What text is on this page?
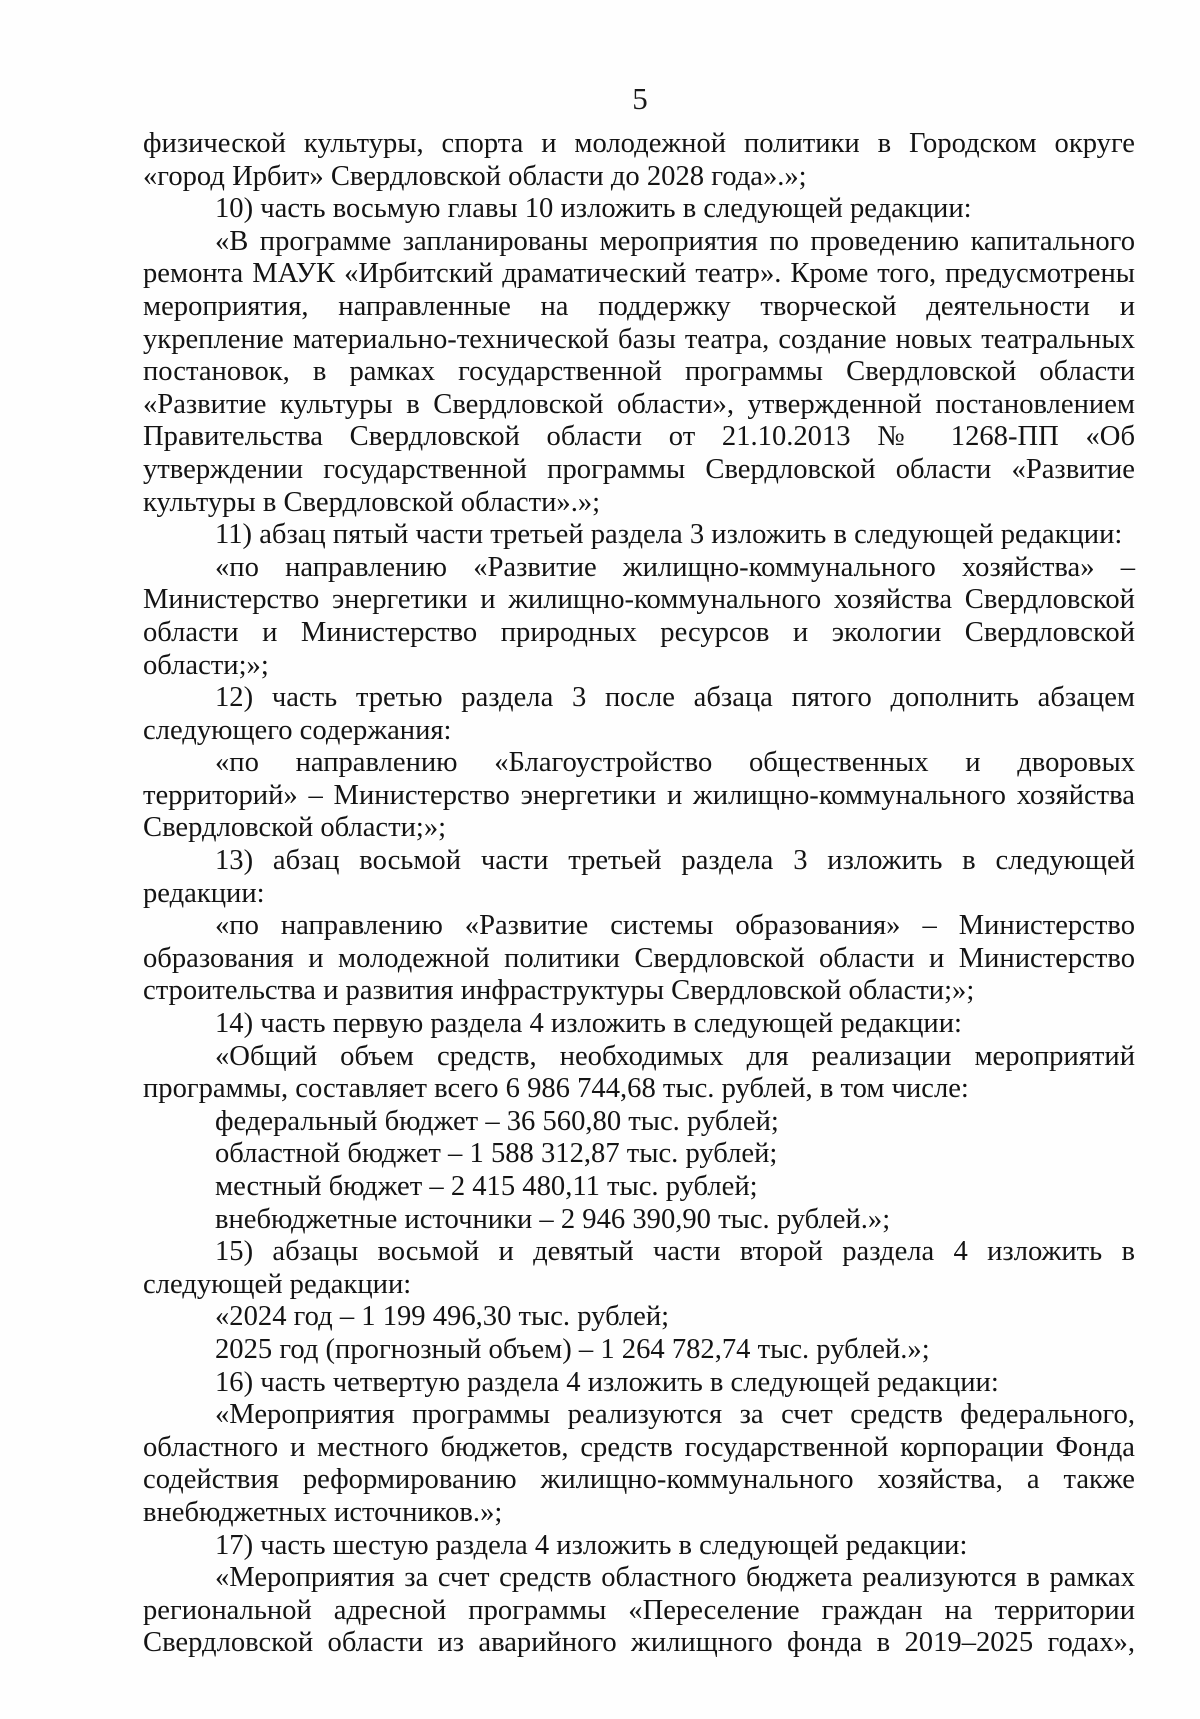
5

физической культуры, спорта и молодежной политики в Городском округе «город Ирбит» Свердловской области до 2028 года».»;

10) часть восьмую главы 10 изложить в следующей редакции:

«В программе запланированы мероприятия по проведению капитального ремонта МАУК «Ирбитский драматический театр». Кроме того, предусмотрены мероприятия, направленные на поддержку творческой деятельности и укрепление материально-технической базы театра, создание новых театральных постановок, в рамках государственной программы Свердловской области «Развитие культуры в Свердловской области», утвержденной постановлением Правительства Свердловской области от 21.10.2013 № 1268-ПП «Об утверждении государственной программы Свердловской области «Развитие культуры в Свердловской области».»;

11) абзац пятый части третьей раздела 3 изложить в следующей редакции:

«по направлению «Развитие жилищно-коммунального хозяйства» – Министерство энергетики и жилищно-коммунального хозяйства Свердловской области и Министерство природных ресурсов и экологии Свердловской области;»;

12) часть третью раздела 3 после абзаца пятого дополнить абзацем следующего содержания:

«по направлению «Благоустройство общественных и дворовых территорий» – Министерство энергетики и жилищно-коммунального хозяйства Свердловской области;»;

13) абзац восьмой части третьей раздела 3 изложить в следующей редакции:

«по направлению «Развитие системы образования» – Министерство образования и молодежной политики Свердловской области и Министерство строительства и развития инфраструктуры Свердловской области;»;

14) часть первую раздела 4 изложить в следующей редакции:

«Общий объем средств, необходимых для реализации мероприятий программы, составляет всего 6 986 744,68 тыс. рублей, в том числе:

федеральный бюджет – 36 560,80 тыс. рублей;

областной бюджет – 1 588 312,87 тыс. рублей;

местный бюджет – 2 415 480,11 тыс. рублей;

внебюджетные источники – 2 946 390,90 тыс. рублей.»;

15) абзацы восьмой и девятый части второй раздела 4 изложить в следующей редакции:

«2024 год – 1 199 496,30 тыс. рублей;

2025 год (прогнозный объем) – 1 264 782,74 тыс. рублей.»;

16) часть четвертую раздела 4 изложить в следующей редакции:

«Мероприятия программы реализуются за счет средств федерального, областного и местного бюджетов, средств государственной корпорации Фонда содействия реформированию жилищно-коммунального хозяйства, а также внебюджетных источников.»;

17) часть шестую раздела 4 изложить в следующей редакции:

«Мероприятия за счет средств областного бюджета реализуются в рамках региональной адресной программы «Переселение граждан на территории Свердловской области из аварийного жилищного фонда в 2019–2025 годах»,
